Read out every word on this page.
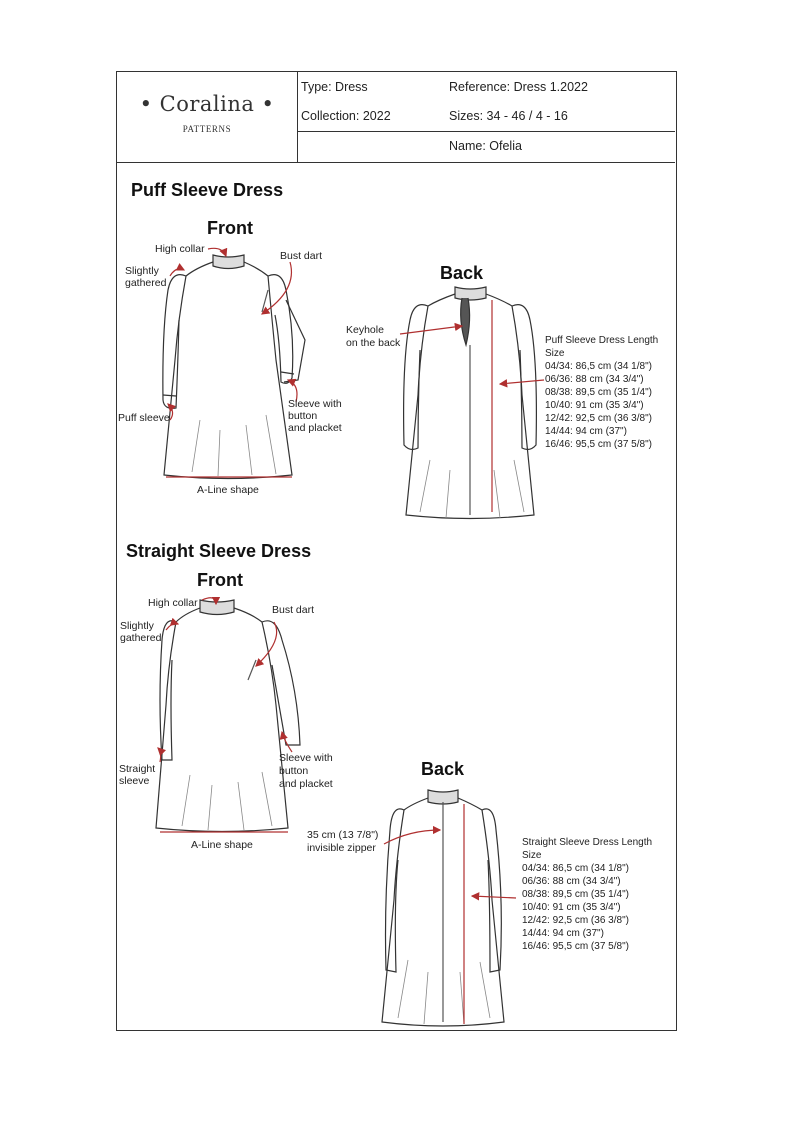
• Coralina •
PATTERNS
Type: Dress	Reference: Dress 1.2022
Collection: 2022	Sizes: 34 - 46 / 4 - 16
Name: Ofelia
Puff Sleeve Dress
Front
Back
High collar
Bust dart
Slightly
gathered
Sleeve with
button
and placket
Puff sleeve
A-Line shape
Keyhole
on the back	Puff Sleeve Dress Length
Size
04/34: 86,5 cm (34 1/8")
06/36: 88 cm (34 3/4")
08/38: 89,5 cm (35 1/4")
10/40: 91 cm (35 3/4")
12/42: 92,5 cm (36 3/8")
14/44: 94 cm (37")
16/46: 95,5 cm (37 5/8")
Straight Sleeve Dress
Front
Back
High collar
Bust dart
Slightly
gathered
Sleeve with
button
and placket
Straight
sleeve
A-Line shape
35 cm (13 7/8")
invisible zipper	Straight Sleeve Dress Length
Size
04/34: 86,5 cm (34 1/8")
06/36: 88 cm (34 3/4")
08/38: 89,5 cm (35 1/4")
10/40: 91 cm (35 3/4")
12/42: 92,5 cm (36 3/8")
14/44: 94 cm (37")
16/46: 95,5 cm (37 5/8")
